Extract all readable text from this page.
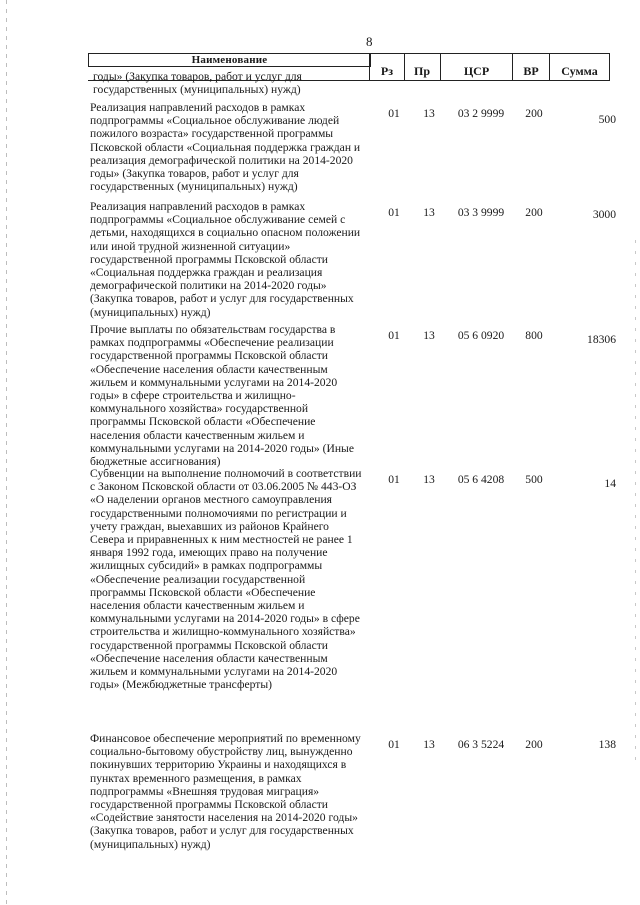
8
Наименование
Рз	Пр	ЦСР	ВР	Сумма
годы» (Закупка товаров, работ и услуг для государственных (муниципальных) нужд)
Реализация направлений расходов в рамках подпрограммы «Социальное обслуживание людей пожилого возраста» государственной программы Псковской области «Социальная поддержка граждан и реализация демографической политики на 2014-2020 годы» (Закупка товаров, работ и услуг для государственных (муниципальных) нужд)
01	13	03 2 9999	200	500
Реализация направлений расходов в рамках подпрограммы «Социальное обслуживание семей с детьми, находящихся в социально опасном положении или иной трудной жизненной ситуации» государственной программы Псковской области «Социальная поддержка граждан и реализация демографической политики на 2014-2020 годы» (Закупка товаров, работ и услуг для государственных (муниципальных) нужд)
01	13	03 3 9999	200	3000
Прочие выплаты по обязательствам государства в рамках подпрограммы «Обеспечение реализации государственной программы Псковской области «Обеспечение населения области качественным жильем и коммунальными услугами на 2014-2020 годы» в сфере строительства и жилищно-коммунального хозяйства» государственной программы Псковской области «Обеспечение населения области качественным жильем и коммунальными услугами на 2014-2020 годы» (Иные бюджетные ассигнования)
01	13	05 6 0920	800	18306
Субвенции на выполнение полномочий в соответствии с Законом Псковской области от 03.06.2005 № 443-ОЗ «О наделении органов местного самоуправления государственными полномочиями по регистрации и учету граждан, выехавших из районов Крайнего Севера и приравненных к ним местностей не ранее 1 января 1992 года, имеющих право на получение жилищных субсидий» в рамках подпрограммы «Обеспечение реализации государственной программы Псковской области «Обеспечение населения области качественным жильем и коммунальными услугами на 2014-2020 годы» в сфере строительства и жилищно-коммунального хозяйства» государственной программы Псковской области «Обеспечение населения области качественным жильем и коммунальными услугами на 2014-2020 годы» (Межбюджетные трансферты)
01	13	05 6 4208	500	14
Финансовое обеспечение мероприятий по временному социально-бытовому обустройству лиц, вынужденно покинувших территорию Украины и находящихся в пунктах временного размещения, в рамках подпрограммы «Внешняя трудовая миграция» государственной программы Псковской области «Содействие занятости населения на 2014-2020 годы» (Закупка товаров, работ и услуг для государственных (муниципальных) нужд)
01	13	06 3 5224	200	138
